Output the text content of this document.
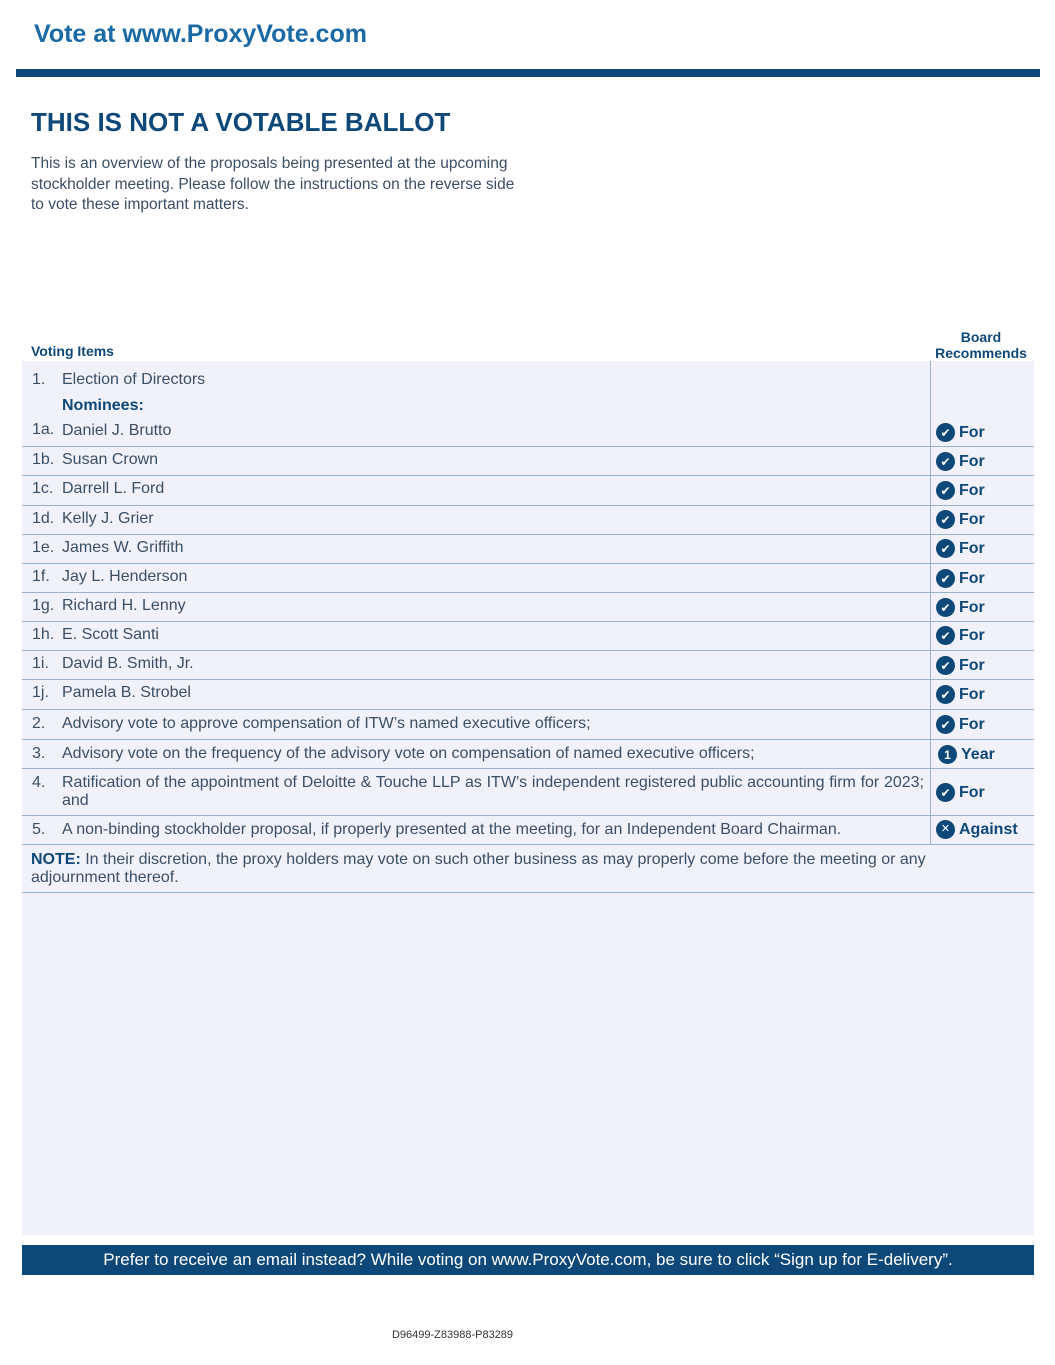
Vote at www.ProxyVote.com
THIS IS NOT A VOTABLE BALLOT
This is an overview of the proposals being presented at the upcoming stockholder meeting. Please follow the instructions on the reverse side to vote these important matters.
Voting Items
Board
Recommends
1. Election of Directors
Nominees:
1a. Daniel J. Brutto	✔ For
1b. Susan Crown	✔ For
1c. Darrell L. Ford	✔ For
1d. Kelly J. Grier	✔ For
1e. James W. Griffith	✔ For
1f. Jay L. Henderson	✔ For
1g. Richard H. Lenny	✔ For
1h. E. Scott Santi	✔ For
1i. David B. Smith, Jr.	✔ For
1j. Pamela B. Strobel	✔ For
2. Advisory vote to approve compensation of ITW’s named executive officers;	✔ For
3. Advisory vote on the frequency of the advisory vote on compensation of named executive officers;	1 Year
4. Ratification of the appointment of Deloitte & Touche LLP as ITW’s independent registered public accounting firm for 2023; and	✔ For
5. A non-binding stockholder proposal, if properly presented at the meeting, for an Independent Board Chairman.	✕ Against
NOTE: In their discretion, the proxy holders may vote on such other business as may properly come before the meeting or any adjournment thereof.
Prefer to receive an email instead? While voting on www.ProxyVote.com, be sure to click “Sign up for E-delivery”.
D96499-Z83988-P83289
